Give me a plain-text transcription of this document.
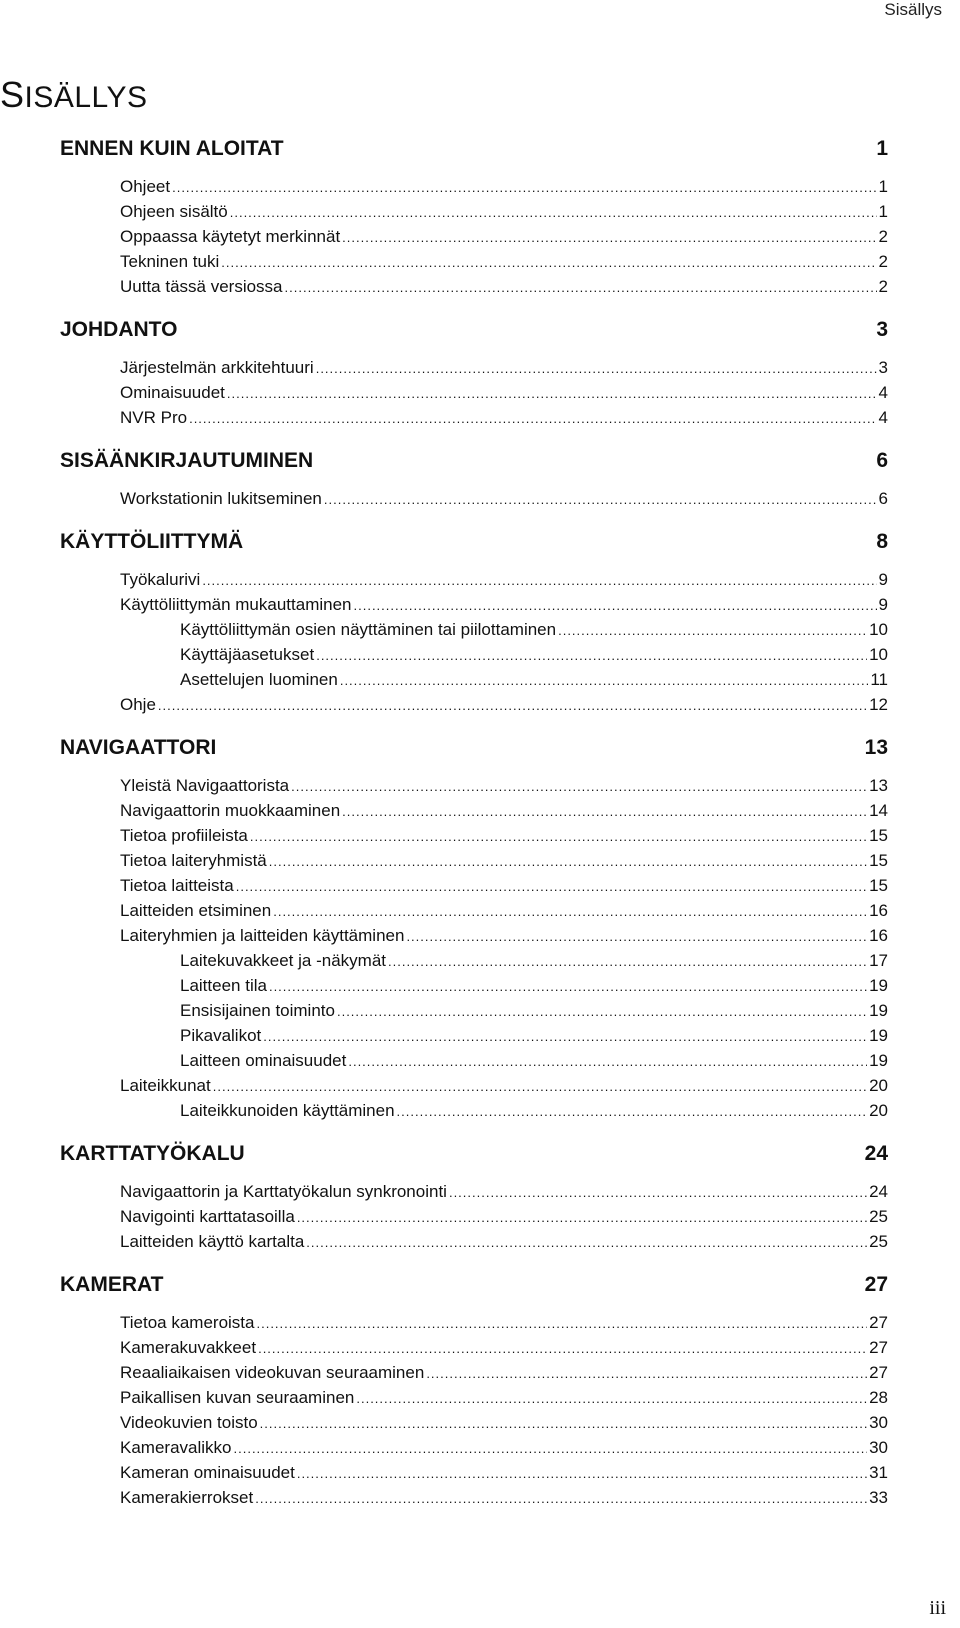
Sisällys
SISÄLLYS
ENNEN KUIN ALOITAT	1
Ohjeet .....	1
Ohjeen sisältö .....	1
Oppaassa käytetyt merkinnät .....	2
Tekninen tuki .....	2
Uutta tässä versiossa .....	2
JOHDANTO	3
Järjestelmän arkkitehtuuri .....	3
Ominaisuudet .....	4
NVR Pro .....	4
SISÄÄNKIRJAUTUMINEN	6
Workstationin lukitseminen .....	6
KÄYTTÖLIITTYMÄ	8
Työkalurivi .....	9
Käyttöliittymän mukauttaminen .....	9
Käyttöliittymän osien näyttäminen tai piilottaminen .....	10
Käyttäjäasetukset .....	10
Asettelujen luominen .....	11
Ohje .....	12
NAVIGAATTORI	13
Yleistä Navigaattorista .....	13
Navigaattorin muokkaaminen .....	14
Tietoa profiileista .....	15
Tietoa laiteryhmistä .....	15
Tietoa laitteista .....	15
Laitteiden etsiminen .....	16
Laiteryhmien ja laitteiden käyttäminen .....	16
Laitekuvakkeet ja -näkymät .....	17
Laitteen tila .....	19
Ensisijainen toiminto .....	19
Pikavalikot .....	19
Laitteen ominaisuudet .....	19
Laiteikkunat .....	20
Laiteikkunoiden käyttäminen .....	20
KARTTATYÖKALU	24
Navigaattorin ja Karttatyökalun synkronointi .....	24
Navigointi karttatasoilla .....	25
Laitteiden käyttö kartalta .....	25
KAMERAT	27
Tietoa kameroista .....	27
Kamerakuvakkeet .....	27
Reaaliaikaisen videokuvan seuraaminen .....	27
Paikallisen kuvan seuraaminen .....	28
Videokuvien toisto .....	30
Kameravalikko .....	30
Kameran ominaisuudet .....	31
Kamerakierrokset .....	33
iii
